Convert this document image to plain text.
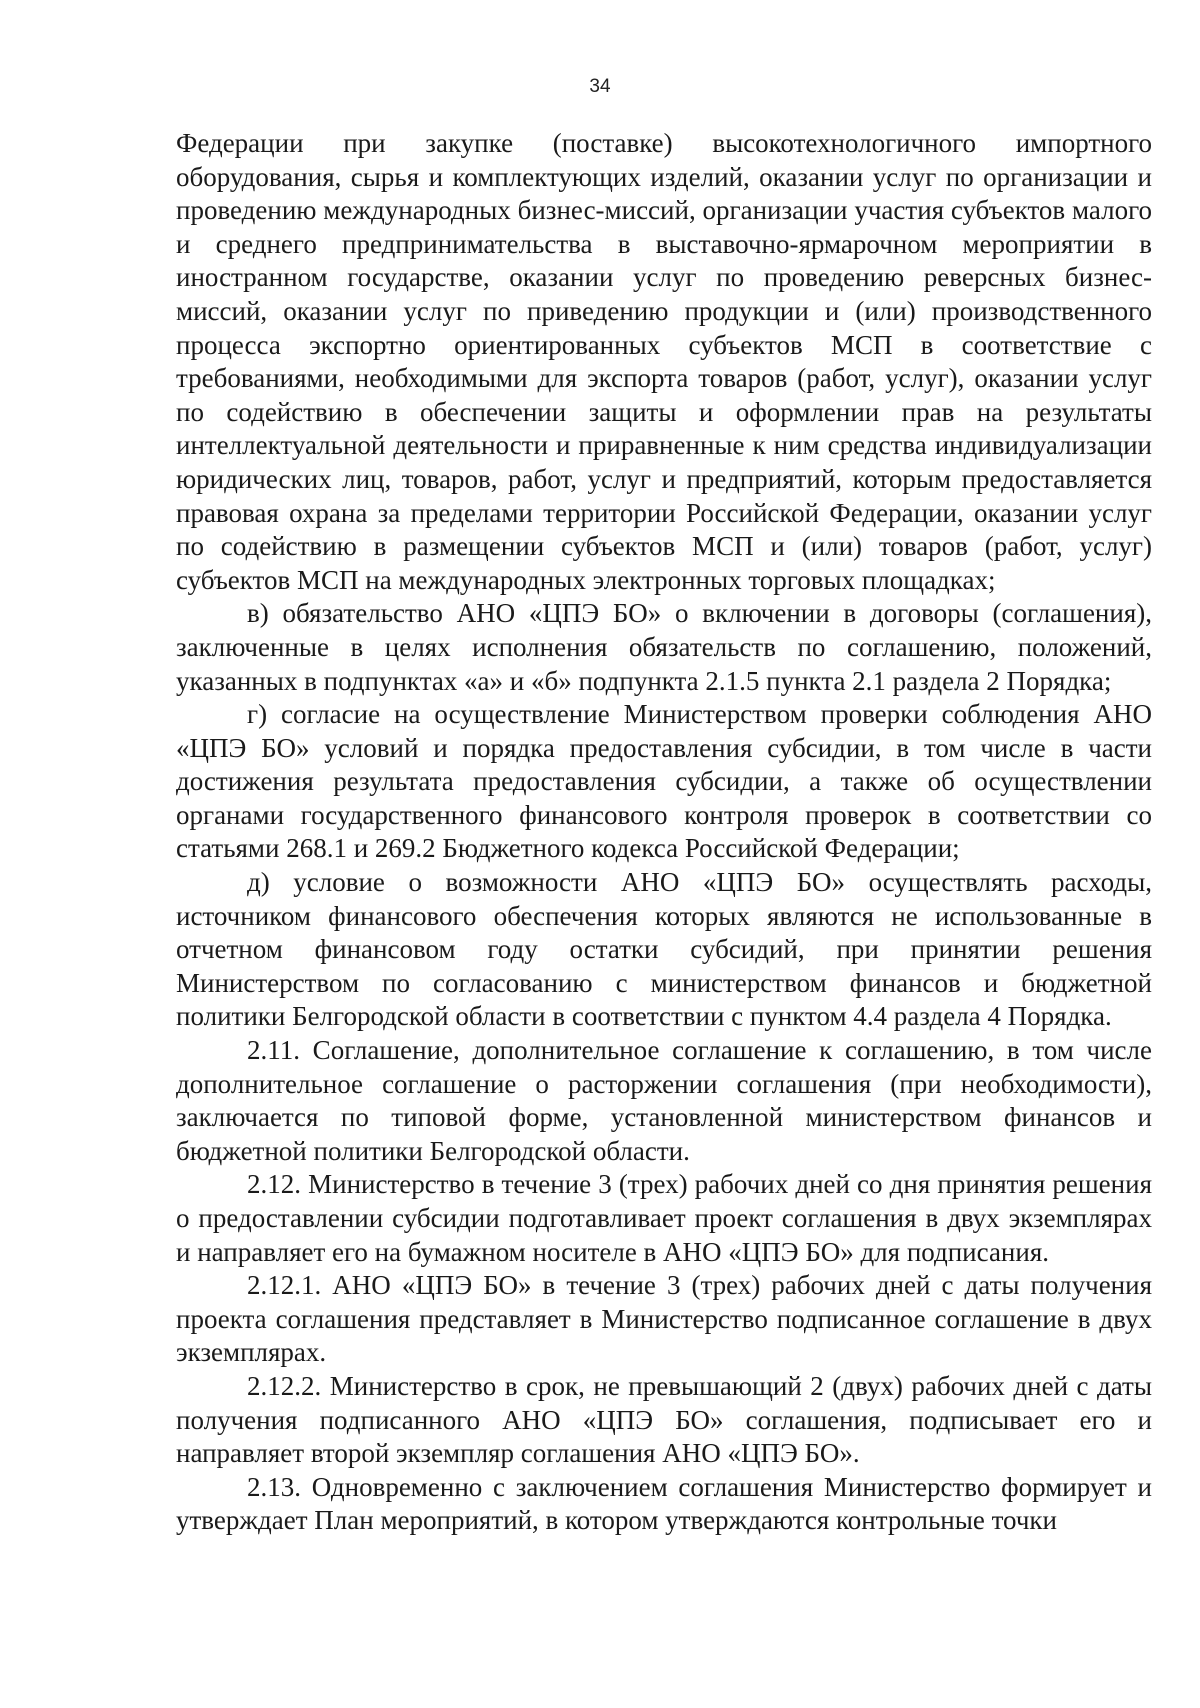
34

Федерации при закупке (поставке) высокотехнологичного импортного оборудования, сырья и комплектующих изделий, оказании услуг по организации и проведению международных бизнес-миссий, организации участия субъектов малого и среднего предпринимательства в выставочно-ярмарочном мероприятии в иностранном государстве, оказании услуг по проведению реверсных бизнес-миссий, оказании услуг по приведению продукции и (или) производственного процесса экспортно ориентированных субъектов МСП в соответствие с требованиями, необходимыми для экспорта товаров (работ, услуг), оказании услуг по содействию в обеспечении защиты и оформлении прав на результаты интеллектуальной деятельности и приравненные к ним средства индивидуализации юридических лиц, товаров, работ, услуг и предприятий, которым предоставляется правовая охрана за пределами территории Российской Федерации, оказании услуг по содействию в размещении субъектов МСП и (или) товаров (работ, услуг) субъектов МСП на международных электронных торговых площадках;

в) обязательство АНО «ЦПЭ БО» о включении в договоры (соглашения), заключенные в целях исполнения обязательств по соглашению, положений, указанных в подпунктах «а» и «б» подпункта 2.1.5 пункта 2.1 раздела 2 Порядка;

г) согласие на осуществление Министерством проверки соблюдения АНО «ЦПЭ БО» условий и порядка предоставления субсидии, в том числе в части достижения результата предоставления субсидии, а также об осуществлении органами государственного финансового контроля проверок в соответствии со статьями 268.1 и 269.2 Бюджетного кодекса Российской Федерации;

д) условие о возможности АНО «ЦПЭ БО» осуществлять расходы, источником финансового обеспечения которых являются не использованные в отчетном финансовом году остатки субсидий, при принятии решения Министерством по согласованию с министерством финансов и бюджетной политики Белгородской области в соответствии с пунктом 4.4 раздела 4 Порядка.

2.11. Соглашение, дополнительное соглашение к соглашению, в том числе дополнительное соглашение о расторжении соглашения (при необходимости), заключается по типовой форме, установленной министерством финансов и бюджетной политики Белгородской области.

2.12. Министерство в течение 3 (трех) рабочих дней со дня принятия решения о предоставлении субсидии подготавливает проект соглашения в двух экземплярах и направляет его на бумажном носителе в АНО «ЦПЭ БО» для подписания.

2.12.1. АНО «ЦПЭ БО» в течение 3 (трех) рабочих дней с даты получения проекта соглашения представляет в Министерство подписанное соглашение в двух экземплярах.

2.12.2. Министерство в срок, не превышающий 2 (двух) рабочих дней с даты получения подписанного АНО «ЦПЭ БО» соглашения, подписывает его и направляет второй экземпляр соглашения АНО «ЦПЭ БО».

2.13. Одновременно с заключением соглашения Министерство формирует и утверждает План мероприятий, в котором утверждаются контрольные точки
